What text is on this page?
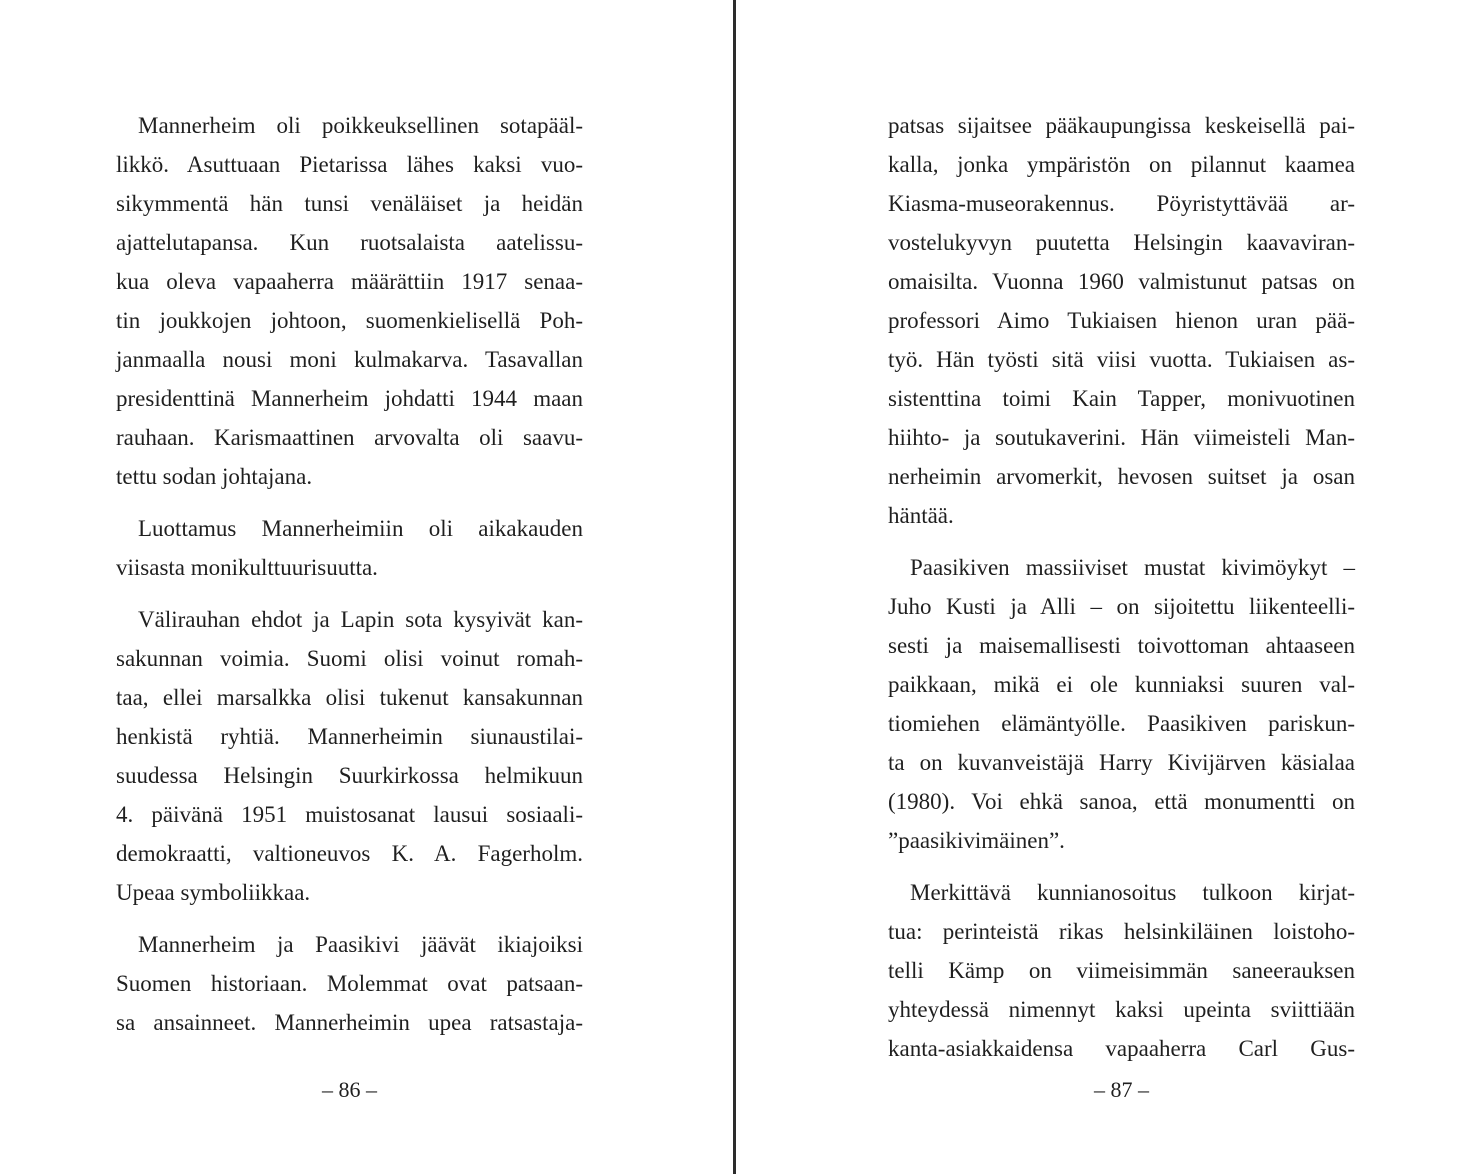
Mannerheim oli poikkeuksellinen sotapääl-
likkö. Asuttuaan Pietarissa lähes kaksi vuo-
sikymmentä hän tunsi venäläiset ja heidän
ajattelutapansa. Kun ruotsalaista aatelissu-
kua oleva vapaaherra määrättiin 1917 senaa-
tin joukkojen johtoon, suomenkielisellä Poh-
janmaalla nousi moni kulmakarva. Tasavallan
presidenttinä Mannerheim johdatti 1944 maan
rauhaan. Karismaattinen arvovalta oli saavu-
tettu sodan johtajana.
Luottamus Mannerheimiin oli aikakauden
viisasta monikulttuurisuutta.
Välirauhan ehdot ja Lapin sota kysyivät kan-
sakunnan voimia. Suomi olisi voinut romah-
taa, ellei marsalkka olisi tukenut kansakunnan
henkistä ryhtiä. Mannerheimin siunaustilai-
suudessa Helsingin Suurkirkossa helmikuun
4. päivänä 1951 muistosanat lausui sosiaali-
demokraatti, valtioneuvos K. A. Fagerholm.
Upeaa symboliikkaa.
Mannerheim ja Paasikivi jäävät ikiajoiksi
Suomen historiaan. Molemmat ovat patsaan-
sa ansainneet. Mannerheimin upea ratsastaja-
patsas sijaitsee pääkaupungissa keskeisellä pai-
kalla, jonka ympäristön on pilannut kaamea
Kiasma-museorakennus. Pöyristyttävää ar-
vostelukyvyn puutetta Helsingin kaavaviran-
omaisilta. Vuonna 1960 valmistunut patsas on
professori Aimo Tukiaisen hienon uran pää-
työ. Hän työsti sitä viisi vuotta. Tukiaisen as-
sistenttina toimi Kain Tapper, monivuotinen
hiihto- ja soutukaverini. Hän viimeisteli Man-
nerheimin arvomerkit, hevosen suitset ja osan
häntää.
Paasikiven massiiviset mustat kivimöykyt –
Juho Kusti ja Alli – on sijoitettu liikenteelli-
sesti ja maisemallisesti toivottoman ahtaaseen
paikkaan, mikä ei ole kunniaksi suuren val-
tiomiehen elämäntyölle. Paasikiven pariskun-
ta on kuvanveistäjä Harry Kivijärven käsialaa
(1980). Voi ehkä sanoa, että monumentti on
”paasikivimäinen”.
Merkittävä kunnianosoitus tulkoon kirjat-
tua: perinteistä rikas helsinkiläinen loistoho-
telli Kämp on viimeisimmän saneerauksen
yhteydessä nimennyt kaksi upeinta sviittiään
kanta-asiakkaidensa vapaaherra Carl Gus-
– 86 –	– 87 –
